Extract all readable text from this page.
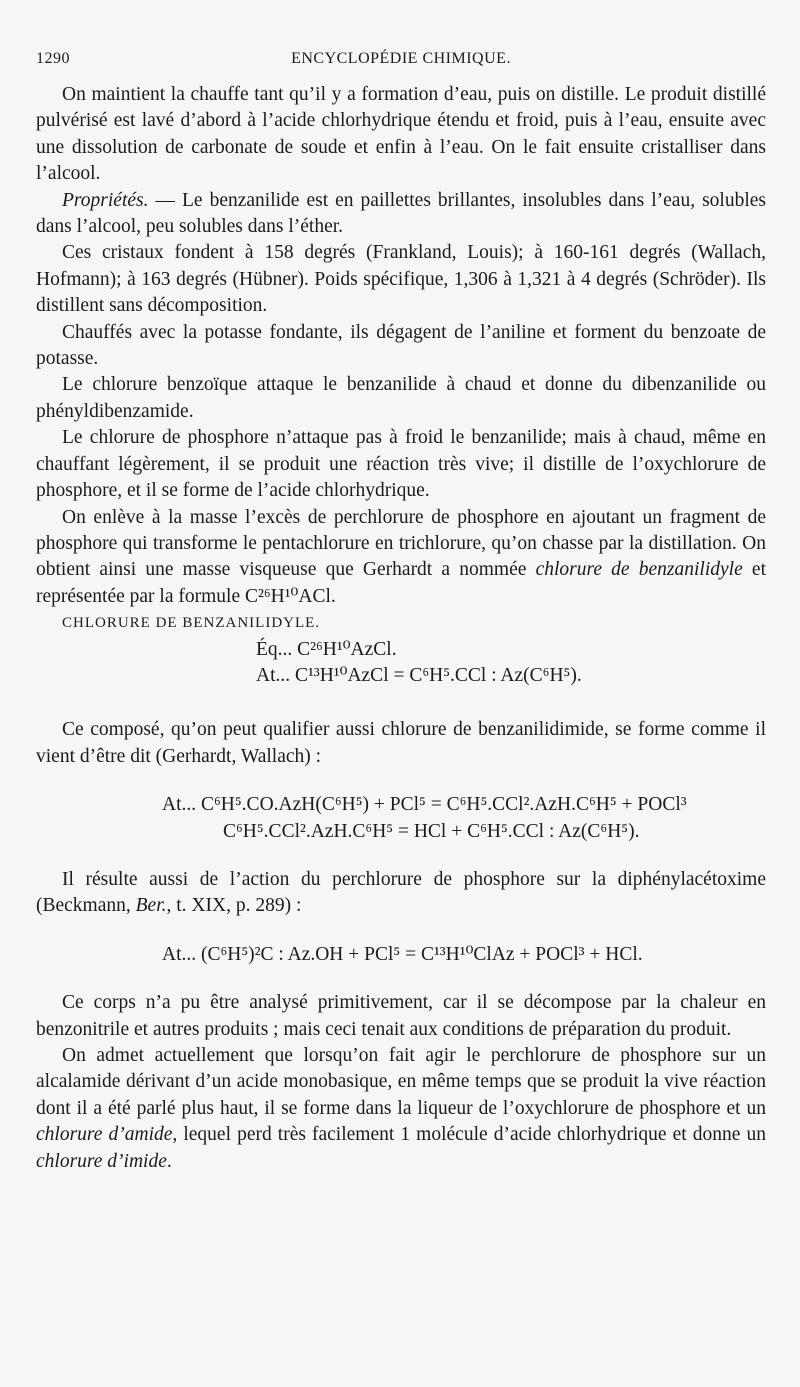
1290	ENCYCLOPÉDIE CHIMIQUE.

On maintient la chauffe tant qu’il y a formation d’eau, puis on distille. Le produit distillé pulvérisé est lavé d’abord à l’acide chlorhydrique étendu et froid, puis à l’eau, ensuite avec une dissolution de carbonate de soude et enfin à l’eau. On le fait ensuite cristalliser dans l’alcool.

Propriétés. — Le benzanilide est en paillettes brillantes, insolubles dans l’eau, solubles dans l’alcool, peu solubles dans l’éther.

Ces cristaux fondent à 158 degrés (Frankland, Louis); à 160-161 degrés (Wallach, Hofmann); à 163 degrés (Hübner). Poids spécifique, 1,306 à 1,321 à 4 degrés (Schröder). Ils distillent sans décomposition.

Chauffés avec la potasse fondante, ils dégagent de l’aniline et forment du benzoate de potasse.

Le chlorure benzoïque attaque le benzanilide à chaud et donne du dibenzanilide ou phényldibenzamide.

Le chlorure de phosphore n’attaque pas à froid le benzanilide; mais à chaud, même en chauffant légèrement, il se produit une réaction très vive; il distille de l’oxychlorure de phosphore, et il se forme de l’acide chlorhydrique.

On enlève à la masse l’excès de perchlorure de phosphore en ajoutant un fragment de phosphore qui transforme le pentachlorure en trichlorure, qu’on chasse par la distillation. On obtient ainsi une masse visqueuse que Gerhardt a nommée chlorure de benzanilidyle et représentée par la formule C²⁶H¹⁰ACl.

CHLORURE DE BENZANILIDYLE.

Éq... C²⁶H¹⁰AzCl.

At... C¹³H¹⁰AzCl = C⁶H⁵.CCl : Az(C⁶H⁵).

Ce composé, qu’on peut qualifier aussi chlorure de benzanilidimide, se forme comme il vient d’être dit (Gerhardt, Wallach) :

At... C⁶H⁵.CO.AzH(C⁶H⁵) + PCl⁵ = C⁶H⁵.CCl².AzH.C⁶H⁵ + POCl³

C⁶H⁵.CCl².AzH.C⁶H⁵ = HCl + C⁶H⁵.CCl : Az(C⁶H⁵).

Il résulte aussi de l’action du perchlorure de phosphore sur la diphénylacétoxime (Beckmann, Ber., t. XIX, p. 289) :

At... (C⁶H⁵)²C : Az.OH + PCl⁵ = C¹³H¹⁰ClAz + POCl³ + HCl.

Ce corps n’a pu être analysé primitivement, car il se décompose par la chaleur en benzonitrile et autres produits ; mais ceci tenait aux conditions de préparation du produit.

On admet actuellement que lorsqu’on fait agir le perchlorure de phosphore sur un alcalamide dérivant d’un acide monobasique, en même temps que se produit la vive réaction dont il a été parlé plus haut, il se forme dans la liqueur de l’oxychlorure de phosphore et un chlorure d’amide, lequel perd très facilement 1 molécule d’acide chlorhydrique et donne un chlorure d’imide.
